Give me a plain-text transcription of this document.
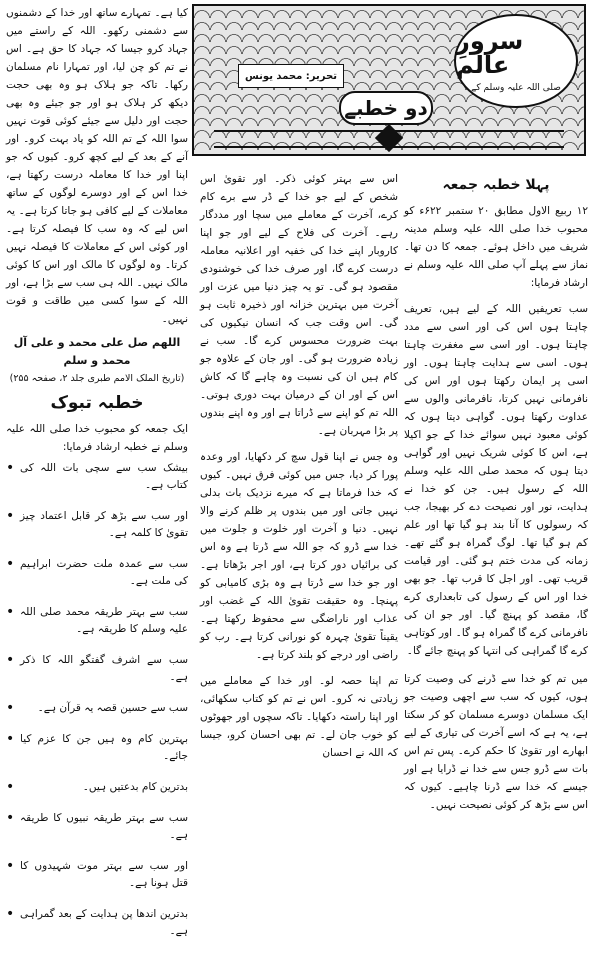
سرورِ عالم
صلی اللہ علیہ وسلم کے
تحریر: محمد یونس
دو خطبے

کیا ہے۔ تمہارے ساتھ اور خدا کے دشمنوں سے دشمنی رکھو۔ اللہ کے راستے میں جہاد کرو جیسا کہ جہاد کا حق ہے۔ اس نے تم کو چن لیا، اور تمہارا نام مسلمان رکھا۔ تاکہ جو ہلاک ہو وہ بھی حجت دیکھ کر ہلاک ہو اور جو جیئے وہ بھی حجت اور دلیل سے جیئے کوئی قوت نہیں سوا اللہ کے تم اللہ کو یاد بہت کرو۔ اور آنے کے بعد کے لیے کچھ کرو۔ کیوں کہ جو اپنا اور خدا کا معاملہ درست رکھتا ہے، خدا اس کے اور دوسرے لوگوں کے ساتھ معاملات کے لیے کافی ہو جاتا کرتا ہے۔ یہ اس لیے کہ وہ سب کا فیصلہ کرتا ہے۔ اور کوئی اس کے معاملات کا فیصلہ نہیں کرتا۔ وہ لوگوں کا مالک اور اس کا کوئی مالک نہیں۔ اللہ ہی سب سے بڑا ہے، اور اللہ کے سوا کسی میں طاقت و قوت نہیں۔

اللھم صل علی محمد و علی آل محمد و سلم
(تاریخ الملک الامم طبری جلد ۲، صفحہ ۲۵۵)
خطبہ تبوک

ایک جمعہ کو محبوب خدا صلی اللہ علیہ وسلم نے خطبہ ارشاد فرمایا:

بیشک سب سے سچی بات اللہ کی کتاب ہے۔ •
اور سب سے بڑھ کر قابل اعتماد چیز تقویٰ کا کلمہ ہے۔ •
سب سے عمدہ ملت حضرت ابراہیم کی ملت ہے۔ •
سب سے بہتر طریقہ محمد صلی اللہ علیہ وسلم کا طریقہ ہے۔ •
سب سے اشرف گفتگو اللہ کا ذکر ہے۔ •
سب سے حسین قصہ یہ قرآن ہے۔ •
بہترین کام وہ ہیں جن کا عزم کیا جائے۔ •
بدترین کام بدعتیں ہیں۔ •
سب سے بہتر طریقہ نبیوں کا طریقہ ہے۔ •
اور سب سے بہتر موت شہیدوں کا قتل ہونا ہے۔ •
بدترین اندھا پن ہدایت کے بعد گمراہی ہے۔ •

اس سے بہتر کوئی ذکر۔ اور تقویٰ اس شخص کے لیے جو خدا کے ڈر سے برے کام کرے، آخرت کے معاملے میں سچا اور مددگار رہے۔ آخرت کی فلاح کے لیے اور جو اپنا کاروبار اپنے خدا کی خفیہ اور اعلانیہ معاملہ درست کرے گا، اور صرف خدا کی خوشنودی مقصود ہو گی۔ تو یہ چیز دنیا میں عزت اور آخرت میں بہترین خزانہ اور ذخیرہ ثابت ہو گی۔ اس وقت جب کہ انسان نیکیوں کی بہت ضرورت محسوس کرے گا۔ سب نے زیادہ ضرورت ہو گی۔ اور جان کے علاوہ جو کام ہیں ان کی نسبت وہ چاہے گا کہ کاش اس کے اور ان کے درمیان بہت دوری ہوتی۔ اللہ تم کو اپنے سے ڈراتا ہے اور وہ اپنے بندوں پر بڑا مہربان ہے۔

وہ جس نے اپنا قول سچ کر دکھایا، اور وعدہ پورا کر دیا، جس میں کوئی فرق نہیں۔ کیوں کہ خدا فرماتا ہے کہ میرے نزدیک بات بدلی نہیں جاتی اور میں بندوں پر ظلم کرنے والا نہیں۔ دنیا و آخرت اور خلوت و جلوت میں خدا سے ڈرو کہ جو اللہ سے ڈرتا ہے وہ اس کی برائیاں دور کرتا ہے، اور اجر بڑھاتا ہے۔ اور جو خدا سے ڈرتا ہے وہ بڑی کامیابی کو پہنچا۔ وہ حقیقت تقویٰ اللہ کے غضب اور عذاب اور ناراضگی سے محفوظ رکھتا ہے۔ یقیناً تقویٰ چہرہ کو نورانی کرتا ہے۔ رب کو راضی اور درجے کو بلند کرتا ہے۔

تم اپنا حصہ لو۔ اور خدا کے معاملے میں زیادتی نہ کرو۔ اس نے تم کو کتاب سکھائی، اور اپنا راستہ دکھایا۔ تاکہ سچوں اور جھوٹوں کو خوب جان لے۔ تم بھی احسان کرو، جیسا کہ اللہ نے احسان

پہلا خطبہ جمعہ

۱۲ ربیع الاول مطابق ۲۰ ستمبر ۶۲۲ء کو محبوب خدا صلی اللہ علیہ وسلم مدینہ شریف میں داخل ہوئے۔ جمعہ کا دن تھا۔ نماز سے پہلے آپ صلی اللہ علیہ وسلم نے ارشاد فرمایا:

سب تعریفیں اللہ کے لیے ہیں، تعریف چاہتا ہوں اس کی اور اسی سے مدد چاہتا ہوں۔ اور اسی سے مغفرت چاہتا ہوں۔ اسی سے ہدایت چاہتا ہوں۔ اور اسی پر ایمان رکھتا ہوں اور اس کی نافرمانی نہیں کرتا، نافرمانی والوں سے عداوت رکھتا ہوں۔ گواہی دیتا ہوں کہ کوئی معبود نہیں سوائے خدا کے جو اکیلا ہے، اس کا کوئی شریک نہیں اور گواہی دیتا ہوں کہ محمد صلی اللہ علیہ وسلم اللہ کے رسول ہیں۔ جن کو خدا نے ہدایت، نور اور نصیحت دے کر بھیجا، جب کہ رسولوں کا آنا بند ہو گیا تھا اور علم کم ہو گیا تھا۔ لوگ گمراہ ہو گئے تھے۔ زمانہ کی مدت ختم ہو گئی۔ اور قیامت قریب تھی۔ اور اجل کا قرب تھا۔ جو بھی خدا اور اس کے رسول کی تابعداری کرے گا، مقصد کو پہنچ گیا۔ اور جو ان کی نافرمانی کرے گا گمراہ ہو گا۔ اور کوتاہی کرے گا گمراہی کی انتہا کو پہنچ جائے گا۔

میں تم کو خدا سے ڈرنے کی وصیت کرتا ہوں، کیوں کہ سب سے اچھی وصیت جو ایک مسلمان دوسرے مسلمان کو کر سکتا ہے، یہ ہے کہ اسے آخرت کی تیاری کے لیے ابھارے اور تقویٰ کا حکم کرے۔ پس تم اس بات سے ڈرو جس سے خدا نے ڈرایا ہے اور جیسے کہ خدا سے ڈرنا چاہیے۔ کیوں کہ اس سے بڑھ کر کوئی نصیحت نہیں۔
